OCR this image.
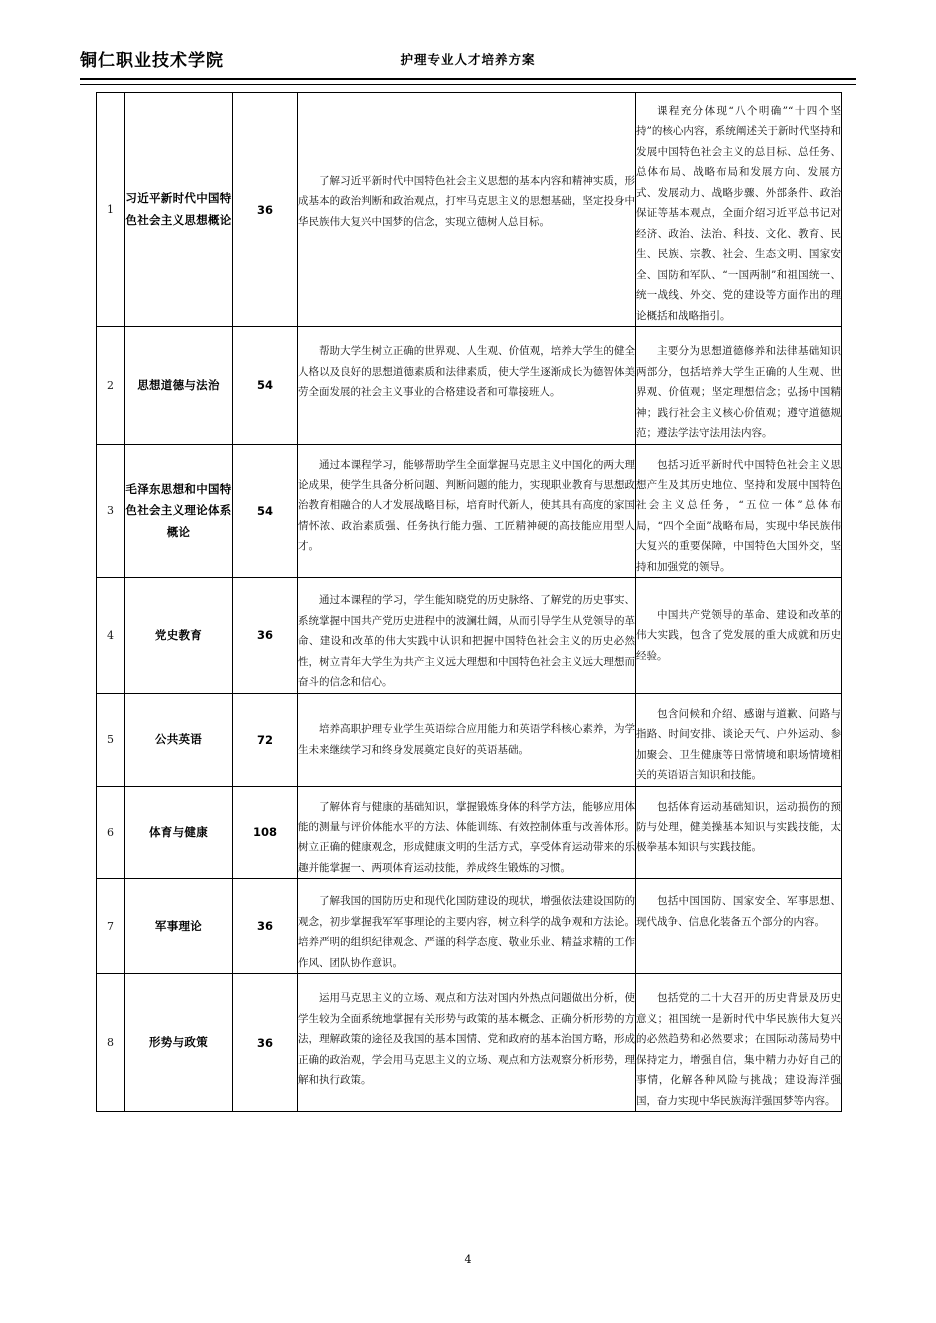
铜仁职业技术学院	护理专业人才培养方案
1	习近平新时代中国特色社会主义思想概论	36	了解习近平新时代中国特色社会主义思想的基本内容和精神实质，形成基本的政治判断和政治观点，打牢马克思主义的思想基础，坚定投身中华民族伟大复兴中国梦的信念，实现立德树人总目标。	课程充分体现“八个明确”“十四个坚持”的核心内容，系统阐述关于新时代坚持和发展中国特色社会主义的总目标、总任务、总体布局、战略布局和发展方向、发展方式、发展动力、战略步骤、外部条件、政治保证等基本观点，全面介绍习近平总书记对经济、政治、法治、科技、文化、教育、民生、民族、宗教、社会、生态文明、国家安全、国防和军队、“一国两制”和祖国统一、统一战线、外交、党的建设等方面作出的理论概括和战略指引。
2	思想道德与法治	54	帮助大学生树立正确的世界观、人生观、价值观，培养大学生的健全人格以及良好的思想道德素质和法律素质，使大学生逐渐成长为德智体美劳全面发展的社会主义事业的合格建设者和可靠接班人。	主要分为思想道德修养和法律基础知识两部分，包括培养大学生正确的人生观、世界观、价值观；坚定理想信念；弘扬中国精神；践行社会主义核心价值观；遵守道德规范；遵法学法守法用法内容。
3	毛泽东思想和中国特色社会主义理论体系概论	54	通过本课程学习，能够帮助学生全面掌握马克思主义中国化的两大理论成果，使学生具备分析问题、判断问题的能力，实现职业教育与思想政治教育相融合的人才发展战略目标，培育时代新人，使其具有高度的家国情怀浓、政治素质强、任务执行能力强、工匠精神硬的高技能应用型人才。	包括习近平新时代中国特色社会主义思想产生及其历史地位、坚持和发展中国特色社会主义总任务，“五位一体”总体布局，“四个全面”战略布局，实现中华民族伟大复兴的重要保障，中国特色大国外交，坚持和加强党的领导。
4	党史教育	36	通过本课程的学习，学生能知晓党的历史脉络、了解党的历史事实、系统掌握中国共产党历史进程中的波澜壮阔，从而引导学生从党领导的革命、建设和改革的伟大实践中认识和把握中国特色社会主义的历史必然性，树立青年大学生为共产主义远大理想和中国特色社会主义远大理想而奋斗的信念和信心。	中国共产党领导的革命、建设和改革的伟大实践，包含了党发展的重大成就和历史经验。
5	公共英语	72	培养高职护理专业学生英语综合应用能力和英语学科核心素养，为学生未来继续学习和终身发展奠定良好的英语基础。	包含问候和介绍、感谢与道歉、问路与指路、时间安排、谈论天气、户外运动、参加聚会、卫生健康等日常情境和职场情境相关的英语语言知识和技能。
6	体育与健康	108	了解体育与健康的基础知识，掌握锻炼身体的科学方法，能够应用体能的测量与评价体能水平的方法、体能训练、有效控制体重与改善体形。树立正确的健康观念，形成健康文明的生活方式，享受体育运动带来的乐趣并能掌握一、两项体育运动技能，养成终生锻炼的习惯。	包括体育运动基础知识，运动损伤的预防与处理，健美操基本知识与实践技能，太极拳基本知识与实践技能。
7	军事理论	36	了解我国的国防历史和现代化国防建设的现状，增强依法建设国防的观念，初步掌握我军军事理论的主要内容，树立科学的战争观和方法论。培养严明的组织纪律观念、严谨的科学态度、敬业乐业、精益求精的工作作风、团队协作意识。	包括中国国防、国家安全、军事思想、现代战争、信息化装备五个部分的内容。
8	形势与政策	36	运用马克思主义的立场、观点和方法对国内外热点问题做出分析，使学生较为全面系统地掌握有关形势与政策的基本概念、正确分析形势的方法，理解政策的途径及我国的基本国情、党和政府的基本治国方略，形成正确的政治观，学会用马克思主义的立场、观点和方法观察分析形势，理解和执行政策。	包括党的二十大召开的历史背景及历史意义；祖国统一是新时代中华民族伟大复兴的必然趋势和必然要求；在国际动荡局势中保持定力，增强自信，集中精力办好自己的事情，化解各种风险与挑战；建设海洋强国，奋力实现中华民族海洋强国梦等内容。
4
